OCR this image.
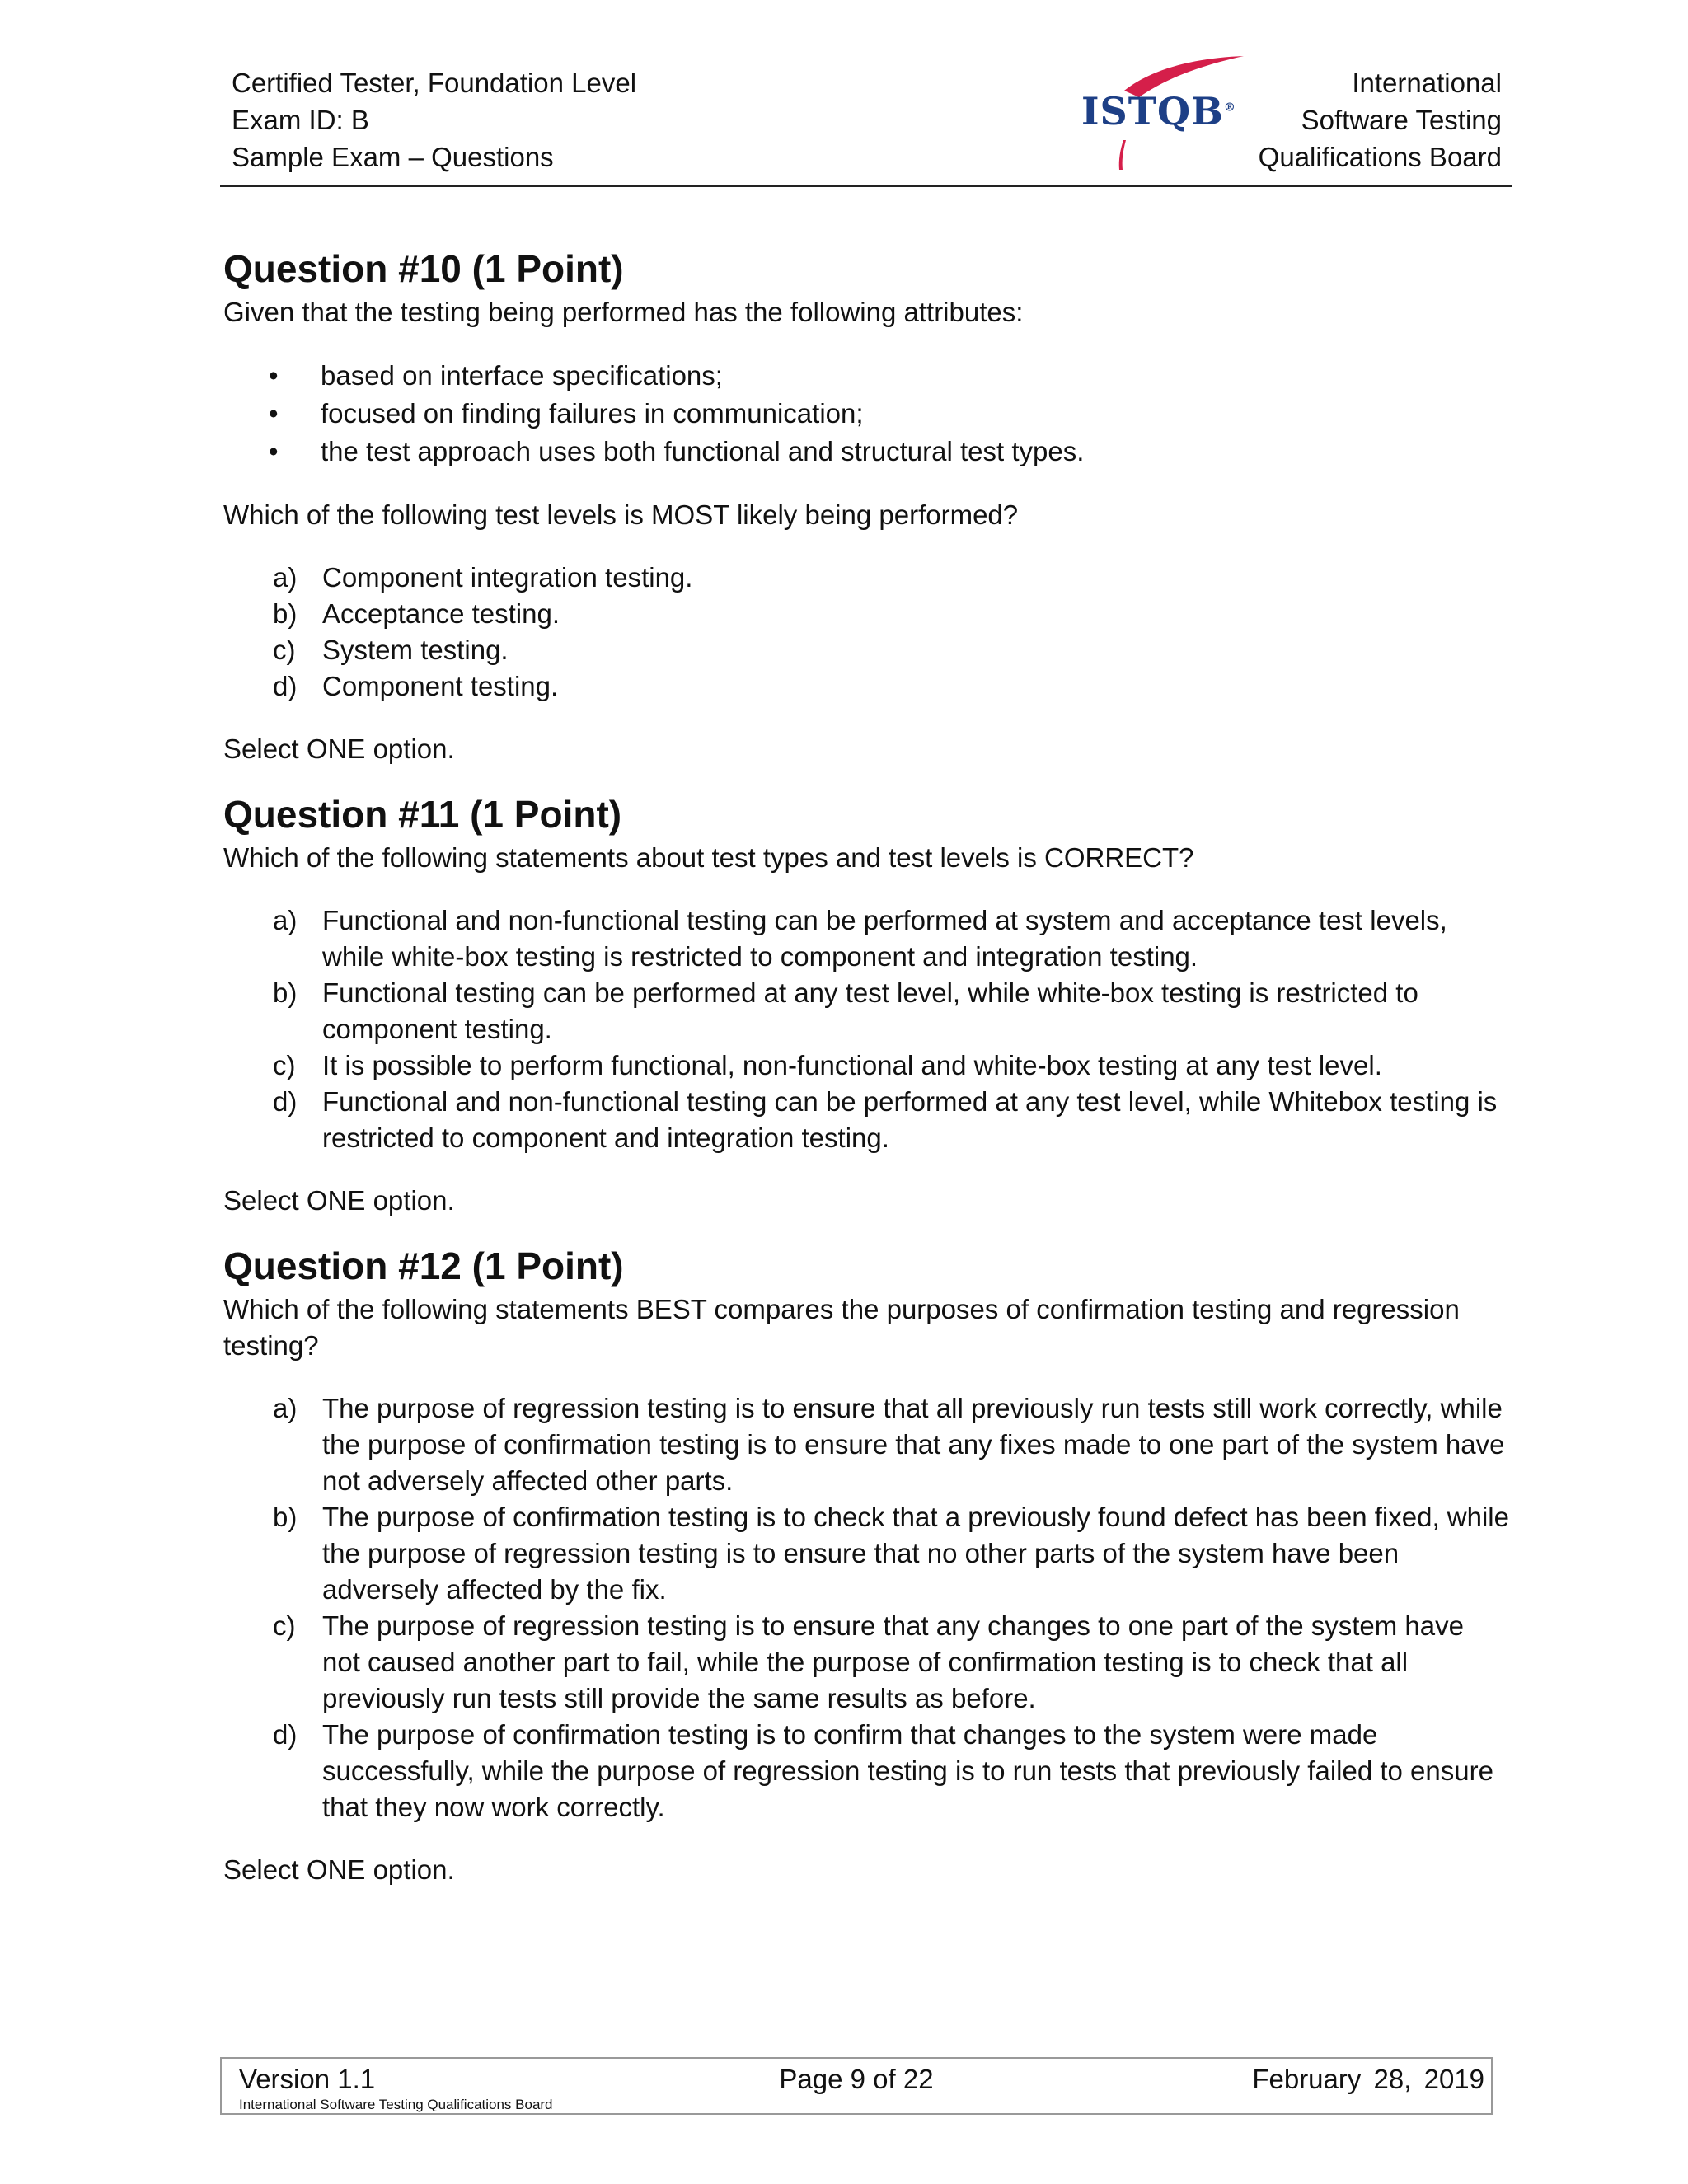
Certified Tester, Foundation Level
Exam ID: B
Sample Exam – Questions
ISTQB®
International
Software Testing
Qualifications Board
Question #10 (1 Point)

Given that the testing being performed has the following attributes:

• based on interface specifications;
• focused on finding failures in communication;
• the test approach uses both functional and structural test types.
Which of the following test levels is MOST likely being performed?
a) Component integration testing.
b) Acceptance testing.
c) System testing.
d) Component testing.
Select ONE option.
Question #11 (1 Point)

Which of the following statements about test types and test levels is CORRECT?

a) Functional and non-functional testing can be performed at system and acceptance test levels, while white-box testing is restricted to component and integration testing.
b) Functional testing can be performed at any test level, while white-box testing is restricted to component testing.
c) It is possible to perform functional, non-functional and white-box testing at any test level.
d) Functional and non-functional testing can be performed at any test level, while Whitebox testing is restricted to component and integration testing.
Select ONE option.
Question #12 (1 Point)

Which of the following statements BEST compares the purposes of confirmation testing and regression testing?

a) The purpose of regression testing is to ensure that all previously run tests still work correctly, while the purpose of confirmation testing is to ensure that any fixes made to one part of the system have not adversely affected other parts.
b) The purpose of confirmation testing is to check that a previously found defect has been fixed, while the purpose of regression testing is to ensure that no other parts of the system have been adversely affected by the fix.
c) The purpose of regression testing is to ensure that any changes to one part of the system have not caused another part to fail, while the purpose of confirmation testing is to check that all previously run tests still provide the same results as before.
d) The purpose of confirmation testing is to confirm that changes to the system were made successfully, while the purpose of regression testing is to run tests that previously failed to ensure that they now work correctly.
Select ONE option.
Version 1.1
International Software Testing Qualifications Board
Page 9 of 22	February 28, 2019
